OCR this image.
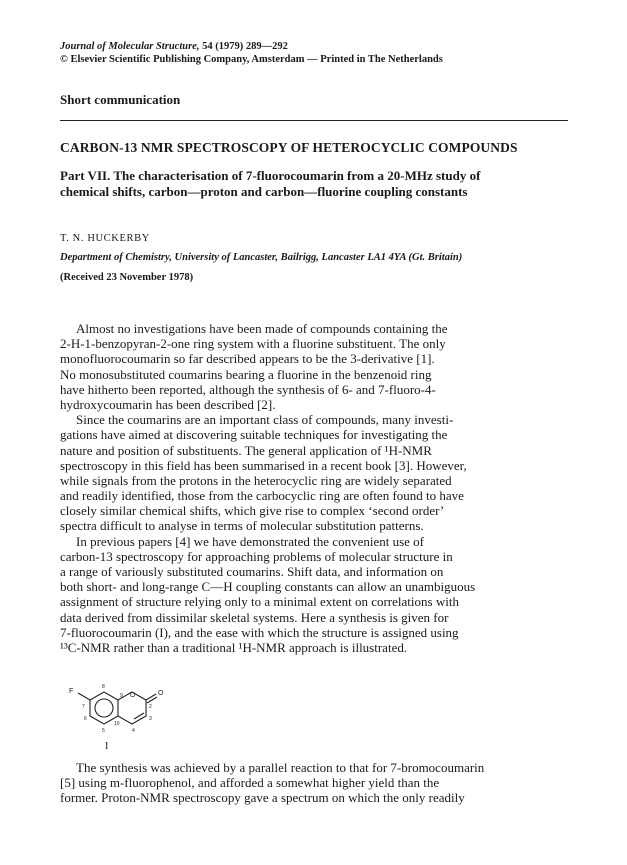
Journal of Molecular Structure, 54 (1979) 289—292
© Elsevier Scientific Publishing Company, Amsterdam — Printed in The Netherlands
Short communication
CARBON-13 NMR SPECTROSCOPY OF HETEROCYCLIC COMPOUNDS
Part VII. The characterisation of 7-fluorocoumarin from a 20-MHz study of
chemical shifts, carbon—proton and carbon—fluorine coupling constants
T. N. HUCKERBY
Department of Chemistry, University of Lancaster, Bailrigg, Lancaster LA1 4YA (Gt. Britain)
(Received 23 November 1978)
Almost no investigations have been made of compounds containing the
2-H-1-benzopyran-2-one ring system with a fluorine substituent. The only
monofluorocoumarin so far described appears to be the 3-derivative [1].
No monosubstituted coumarins bearing a fluorine in the benzenoid ring
have hitherto been reported, although the synthesis of 6- and 7-fluoro-4-
hydroxycoumarin has been described [2].
Since the coumarins are an important class of compounds, many investi-
gations have aimed at discovering suitable techniques for investigating the
nature and position of substituents. The general application of ¹H-NMR
spectroscopy in this field has been summarised in a recent book [3]. However,
while signals from the protons in the heterocyclic ring are widely separated
and readily identified, those from the carbocyclic ring are often found to have
closely similar chemical shifts, which give rise to complex ‘second order’
spectra difficult to analyse in terms of molecular substitution patterns.
In previous papers [4] we have demonstrated the convenient use of
carbon-13 spectroscopy for approaching problems of molecular structure in
a range of variously substituted coumarins. Shift data, and information on
both short- and long-range C—H coupling constants can allow an unambiguous
assignment of structure relying only to a minimal extent on correlations with
data derived from dissimilar skeletal systems. Here a synthesis is given for
7-fluorocoumarin (I), and the ease with which the structure is assigned using
¹³C-NMR rather than a traditional ¹H-NMR approach is illustrated.
F
8
9 O	O
7	2
6
10
3
5	4
I
The synthesis was achieved by a parallel reaction to that for 7-bromocoumarin
[5] using m-fluorophenol, and afforded a somewhat higher yield than the
former. Proton-NMR spectroscopy gave a spectrum on which the only readily
